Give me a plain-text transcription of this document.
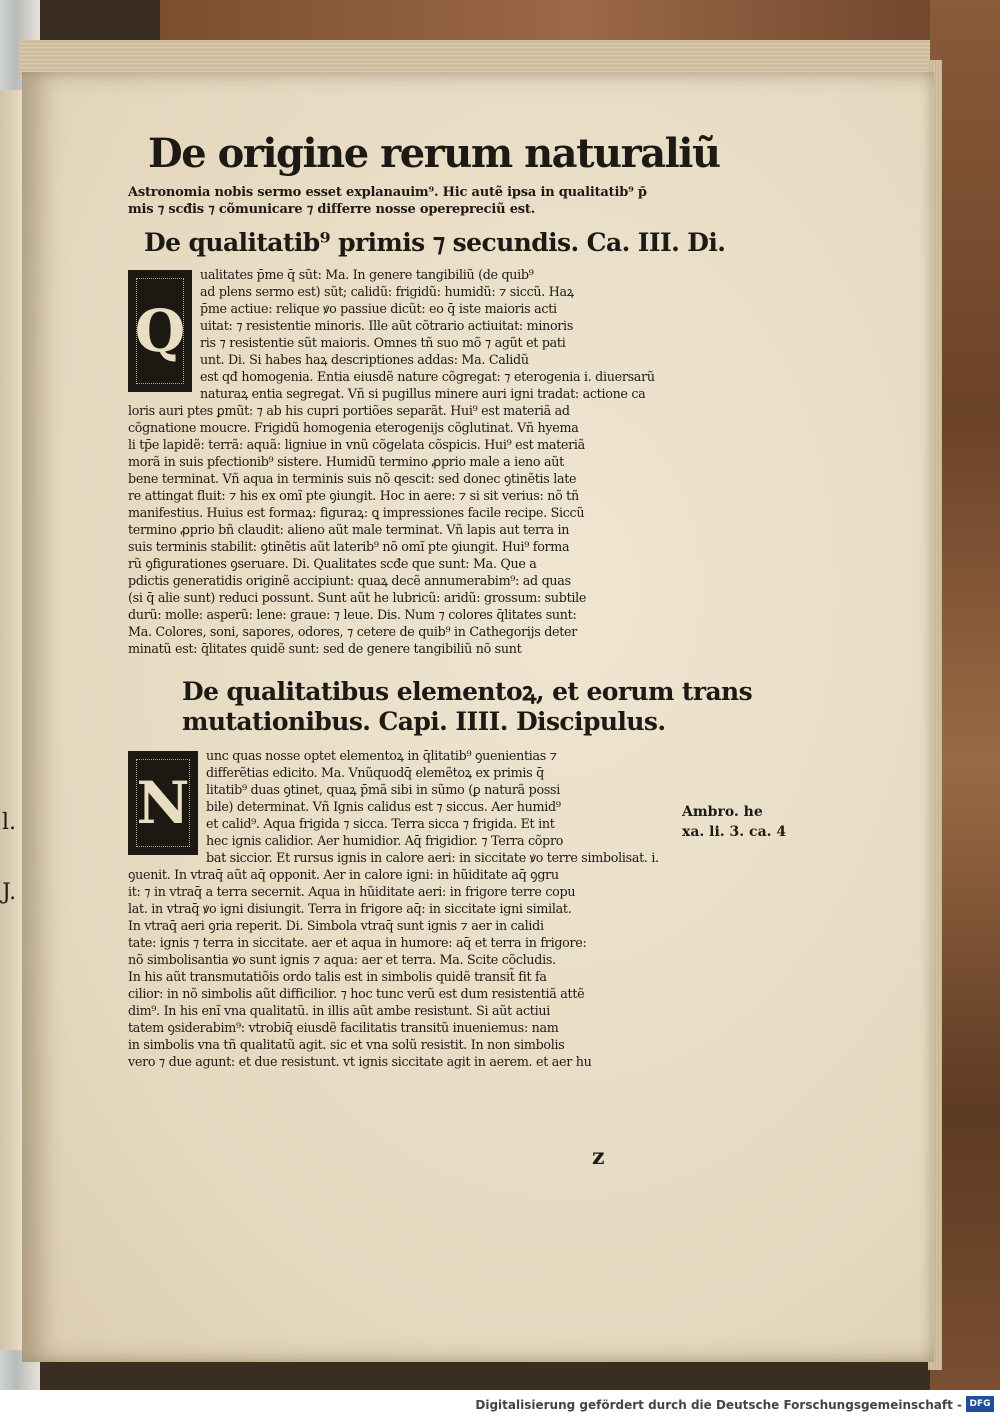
l.
J.
De origine rerum naturaliũ

Astronomia nobis sermo esset explanauim⁹. Hic autẽ ipsa in qualitatib⁹ p̄

mis ⁊ scđis ⁊ cõmunicare ⁊ differre nosse operepreciũ est.

De qualitatib⁹ primis ⁊ secundis. Ca. III. Di.
Q

ualitates p̄me q̄ sũt: Ma. In genere tangibiliũ (de quib⁹

ad plens sermo est) sũt; calidũ: frigidũ: humidũ: ⁊ siccũ. Haꝝ

p̄me actiue: relique ꝟo passiue dicũt: eo q̄ iste maioris acti

uitat: ⁊ resistentie minoris. Ille aũt cõtrario actiuitat: minoris

ris ⁊ resistentie sũt maioris. Omnes tñ suo mõ ⁊ agũt et pati

unt. Di. Si habes haꝝ descriptiones addas: Ma. Calidũ

est qđ homogenia. Entia eiusdẽ nature cõgregat: ⁊ eterogenia i. diuersarũ

naturaꝝ entia segregat. Vñ si pugillus minere auri igni tradat: actione ca

loris auri ptes ꝑmũt: ⁊ ab his cupri portiões separãt. Hui⁹ est materiã ad

cõgnatione moucre. Frigidũ homogenia eterogenijs cõglutinat. Vñ hyema

li tp̄e lapidẽ: terrã: aquã: ligniue in vnũ cõgelata cõspicis. Hui⁹ est materiã

morã in suis pfectionib⁹ sistere. Humidũ termino ꝓprio male a ieno aũt

bene terminat. Vñ aqua in terminis suis nõ qescit: sed donec ꝯtinẽtis late

re attingat fluit: ⁊ his ex omĩ pte ꝯiungit. Hoc in aere: ⁊ si sit verius: nõ tñ

manifestius. Huius est formaꝝ: figuraꝝ: ꝗ impressiones facile recipe. Siccũ

termino ꝓprio bñ claudit: alieno aũt male terminat. Vñ lapis aut terra in

suis terminis stabilit: ꝯtinẽtis aũt laterib⁹ nõ omĩ pte ꝯiungit. Hui⁹ forma

rũ ꝯfigurationes ꝯseruare. Di. Qualitates scđe que sunt: Ma. Que a

pdictis generatidis originẽ accipiunt: quaꝝ decẽ annumerabim⁹: ad quas

(si q̄ alie sunt) reduci possunt. Sunt aũt he lubricũ: aridũ: grossum: subtile

durũ: molle: asperũ: lene: graue: ⁊ leue. Dis. Num ⁊ colores q̄litates sunt:

Ma. Colores, soni, sapores, odores, ⁊ cetere de quib⁹ in Cathegorijs deter

minatũ est: q̄litates quidẽ sunt: sed de genere tangibiliũ nõ sunt

De qualitatibus elementoꝝ, et eorum trans
mutationibus. Capi. IIII. Discipulus.
N

unc quas nosse optet elementoꝝ in q̄litatib⁹ ꝯuenientias ⁊

differẽtias edicito. Ma. Vnũquodq̄ elemẽtoꝝ ex primis q̄

litatib⁹ duas ꝯtinet, quaꝝ p̄mã sibi in sũmo (ꝑ naturã possi

bile) determinat. Vñ Ignis calidus est ⁊ siccus. Aer humid⁹

et calid⁹. Aqua frigida ⁊ sicca. Terra sicca ⁊ frigida. Et int

hec ignis calidior. Aer humidior. Aq̄ frigidior. ⁊ Terra cõpro

bat siccior. Et rursus ignis in calore aeri: in siccitate ꝟo terre simbolisat. i.

ꝯuenit. In vtraq̄ aũt aq̄ opponit. Aer in calore igni: in hũiditate aq̄ ꝯgru

it: ⁊ in vtraq̄ a terra secernit. Aqua in hũiditate aeri: in frigore terre copu

lat. in vtraq̄ ꝟo igni disiungit. Terra in frigore aq̄: in siccitate igni similat.

In vtraq̄ aeri ꝯria reperit. Di. Simbola vtraq̄ sunt ignis ⁊ aer in calidi

tate: ignis ⁊ terra in siccitate. aer et aqua in humore: aq̄ et terra in frigore:

nõ simbolisantia ꝟo sunt ignis ⁊ aqua: aer et terra. Ma. Scite cõcludis.

In his aũt transmutatiõis ordo talis est in simbolis quidẽ transit̃ fit fa

cilior: in nõ simbolis aũt difficilior. ⁊ hoc tunc verũ est dum resistentiã attẽ

dim⁹. In his enĩ vna qualitatũ. in illis aũt ambe resistunt. Si aũt actiui

tatem ꝯsiderabim⁹: vtrobiq̄ eiusdẽ facilitatis transitũ inueniemus: nam

in simbolis vna tñ qualitatũ agit. sic et vna solũ resistit. In non simbolis

vero ⁊ due agunt: et due resistunt. vt ignis siccitate agit in aerem. et aer hu

Ambro. he

xa. li. 3. ca. 4

z
Digitalisierung gefördert durch die Deutsche Forschungsgemeinschaft - DFG
